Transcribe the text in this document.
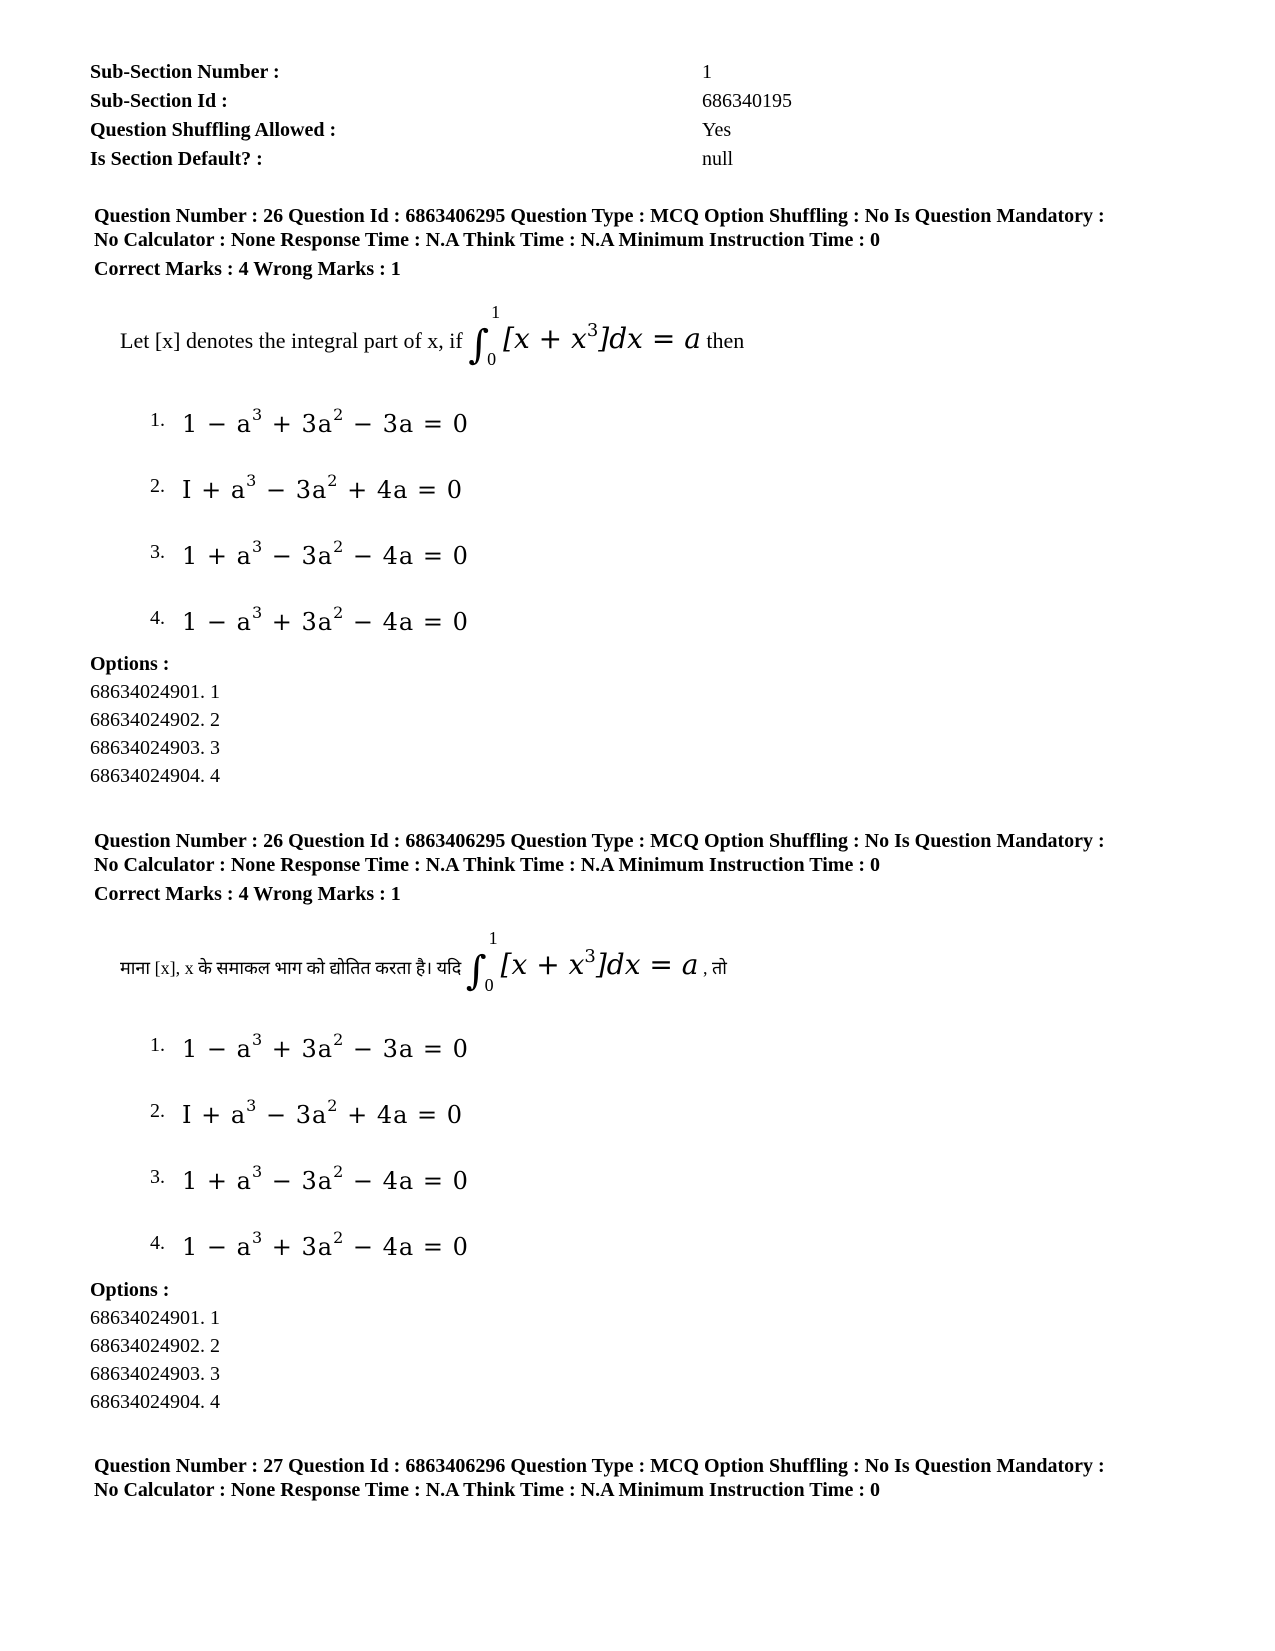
Sub-Section Number :	1
Sub-Section Id :	686340195
Question Shuffling Allowed :	Yes
Is Section Default? :	null
Question Number : 26 Question Id : 6863406295 Question Type : MCQ Option Shuffling : No Is Question Mandatory :
No Calculator : None Response Time : N.A Think Time : N.A Minimum Instruction Time : 0
Correct Marks : 4 Wrong Marks : 1
Let [x] denotes the integral part of x, if ∫
1
0
$[x + x^3]dx = a$ then
1. $1 - a^3 + 3a^2 - 3a = 0$
2. $I + a^3 - 3a^2 + 4a = 0$
3. $1 + a^3 - 3a^2 - 4a = 0$
4. $1 - a^3 + 3a^2 - 4a = 0$
Options :
68634024901. 1
68634024902. 2
68634024903. 3
68634024904. 4
Question Number : 26 Question Id : 6863406295 Question Type : MCQ Option Shuffling : No Is Question Mandatory :
No Calculator : None Response Time : N.A Think Time : N.A Minimum Instruction Time : 0
Correct Marks : 4 Wrong Marks : 1
माना [x], x के समाकल भाग को द्योतित करता है। यदि ∫
1
0
$[x + x^3]dx = a$ , तो
1. $1 - a^3 + 3a^2 - 3a = 0$
2. $I + a^3 - 3a^2 + 4a = 0$
3. $1 + a^3 - 3a^2 - 4a = 0$
4. $1 - a^3 + 3a^2 - 4a = 0$
Options :
68634024901. 1
68634024902. 2
68634024903. 3
68634024904. 4
Question Number : 27 Question Id : 6863406296 Question Type : MCQ Option Shuffling : No Is Question Mandatory :
No Calculator : None Response Time : N.A Think Time : N.A Minimum Instruction Time : 0
